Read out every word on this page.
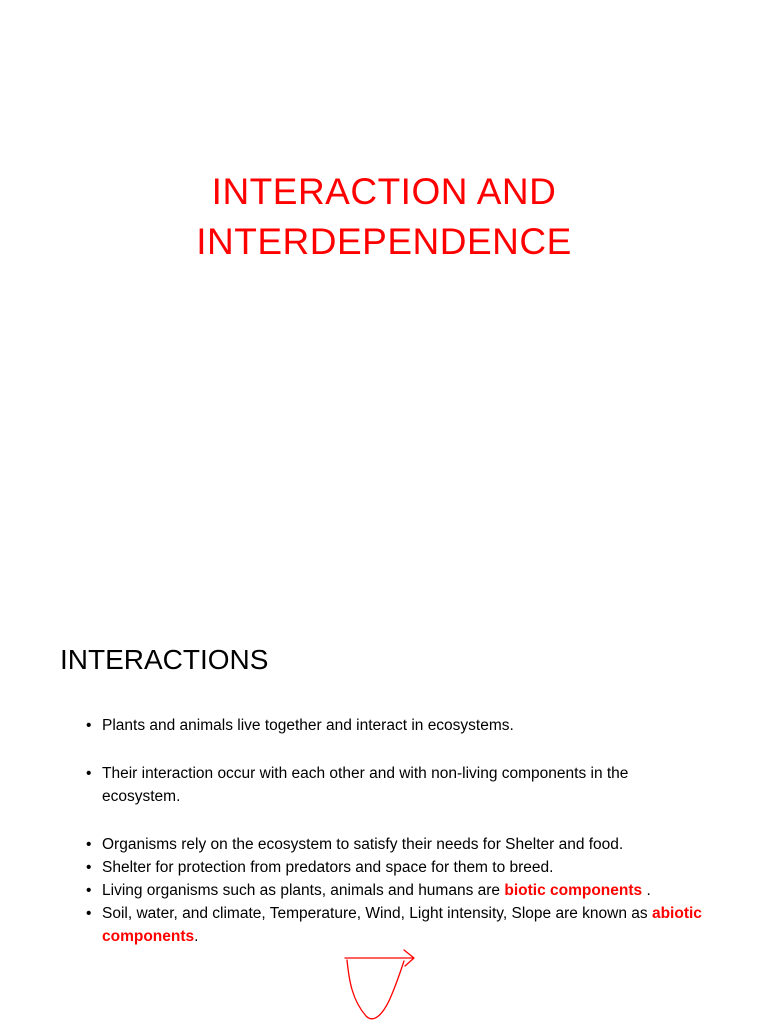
INTERACTION AND
INTERDEPENDENCE
INTERACTIONS
• Plants and animals live together and interact in ecosystems.
• Their interaction occur with each other and with non-living components in the ecosystem.
• Organisms rely on the ecosystem to satisfy their needs for Shelter and food.
• Shelter for protection from predators and space for them to breed.
• Living organisms such as plants, animals and humans are biotic components .
• Soil, water, and climate, Temperature, Wind, Light intensity, Slope are known as abiotic components.
